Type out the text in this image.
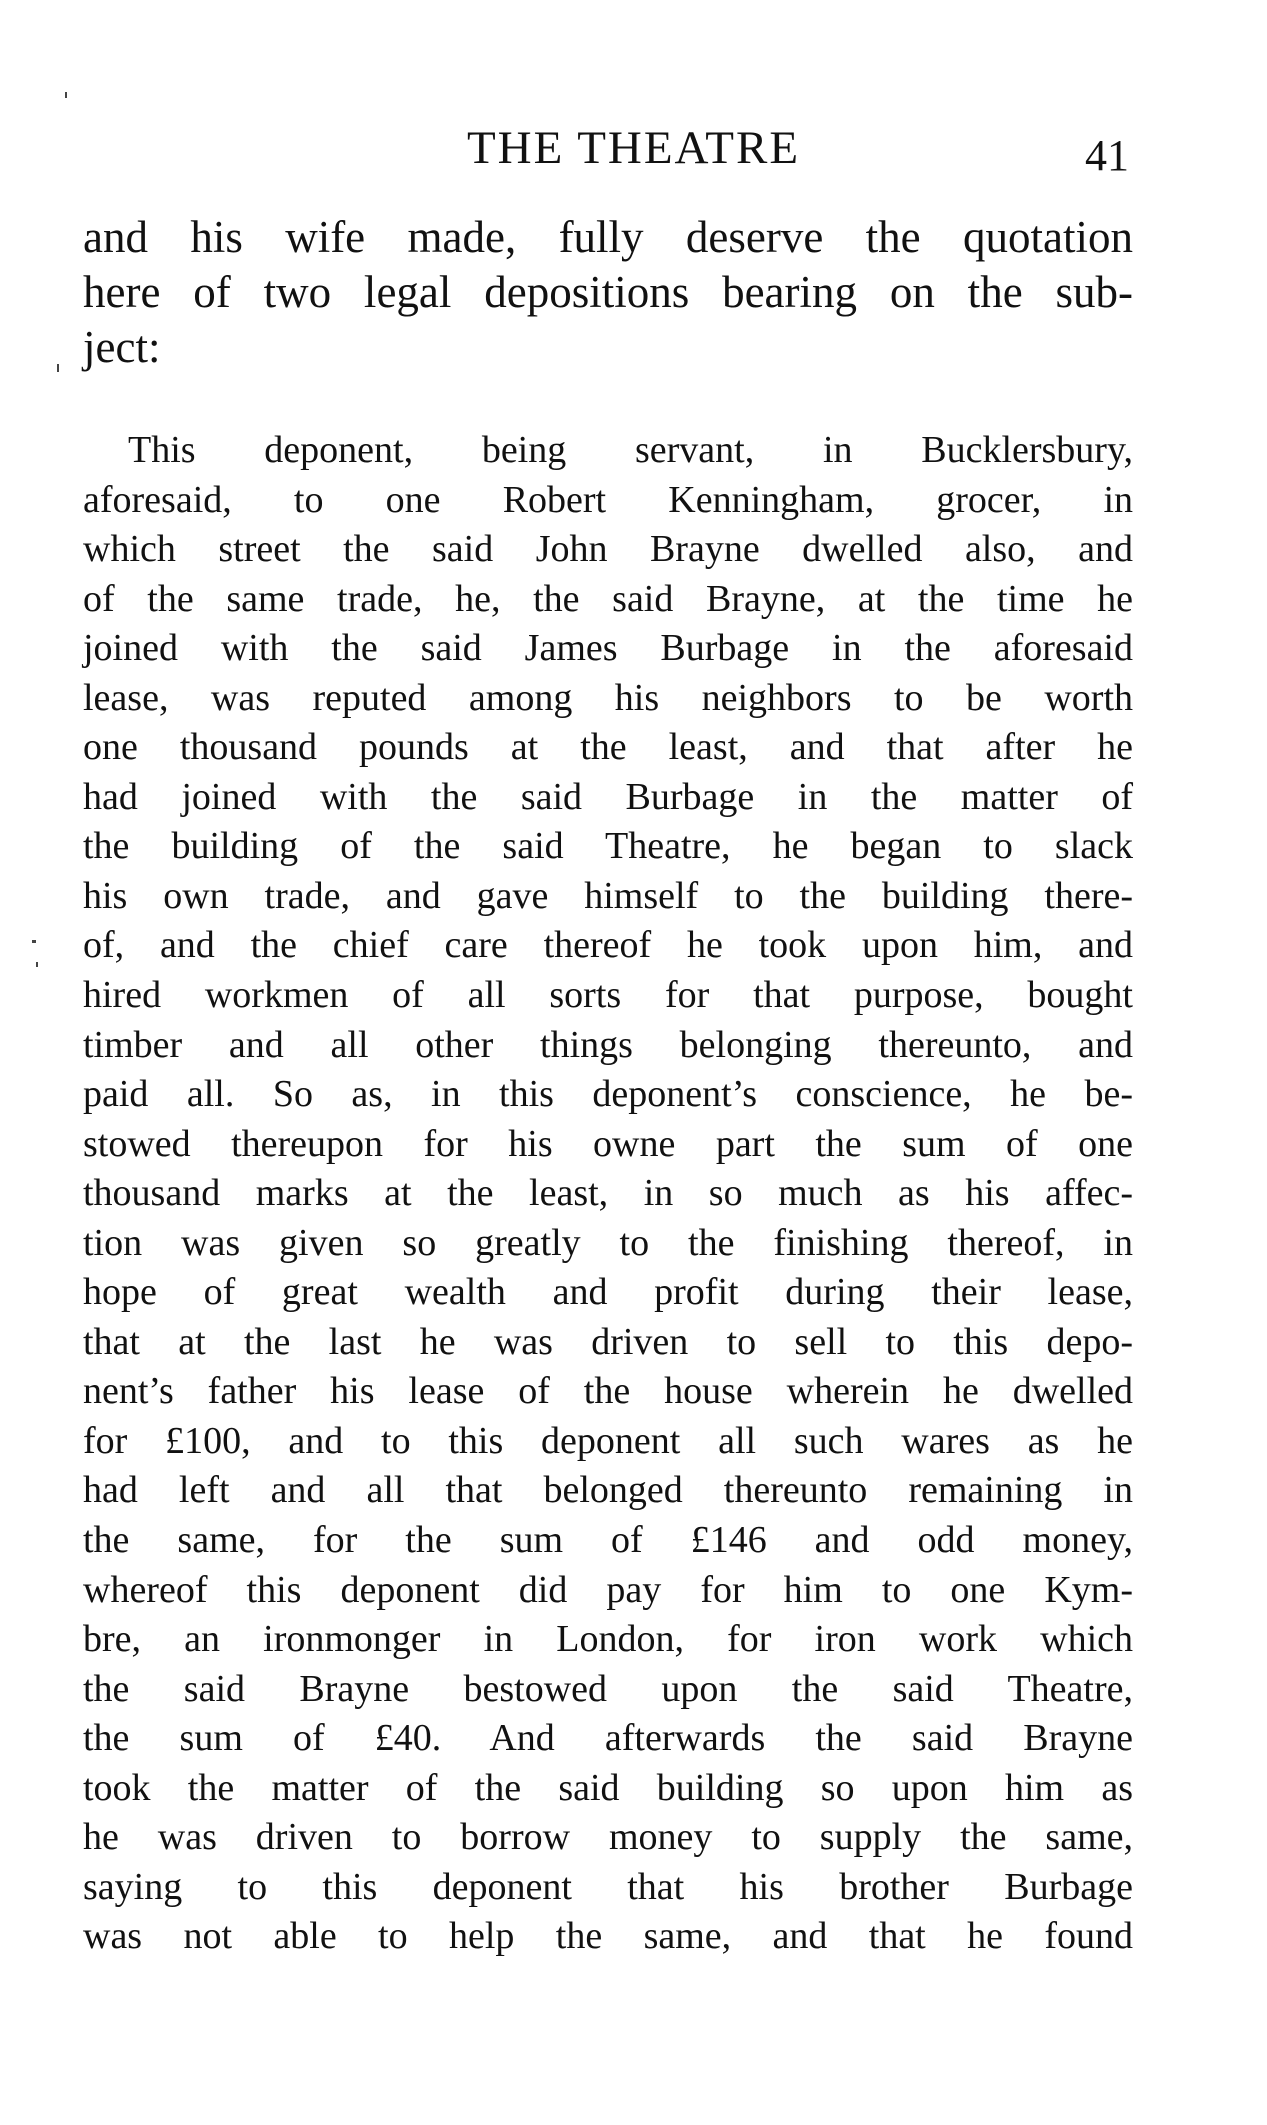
THE THEATRE	41
and his wife made, fully deserve the quotation
here of two legal depositions bearing on the sub-
ject:
This deponent, being servant, in Bucklersbury,
aforesaid, to one Robert Kenningham, grocer, in
which street the said John Brayne dwelled also, and
of the same trade, he, the said Brayne, at the time he
joined with the said James Burbage in the aforesaid
lease, was reputed among his neighbors to be worth
one thousand pounds at the least, and that after he
had joined with the said Burbage in the matter of
the building of the said Theatre, he began to slack
his own trade, and gave himself to the building there-
of, and the chief care thereof he took upon him, and
hired workmen of all sorts for that purpose, bought
timber and all other things belonging thereunto, and
paid all. So as, in this deponent’s conscience, he be-
stowed thereupon for his owne part the sum of one
thousand marks at the least, in so much as his affec-
tion was given so greatly to the finishing thereof, in
hope of great wealth and profit during their lease,
that at the last he was driven to sell to this depo-
nent’s father his lease of the house wherein he dwelled
for £100, and to this deponent all such wares as he
had left and all that belonged thereunto remaining in
the same, for the sum of £146 and odd money,
whereof this deponent did pay for him to one Kym-
bre, an ironmonger in London, for iron work which
the said Brayne bestowed upon the said Theatre,
the sum of £40. And afterwards the said Brayne
took the matter of the said building so upon him as
he was driven to borrow money to supply the same,
saying to this deponent that his brother Burbage
was not able to help the same, and that he found
